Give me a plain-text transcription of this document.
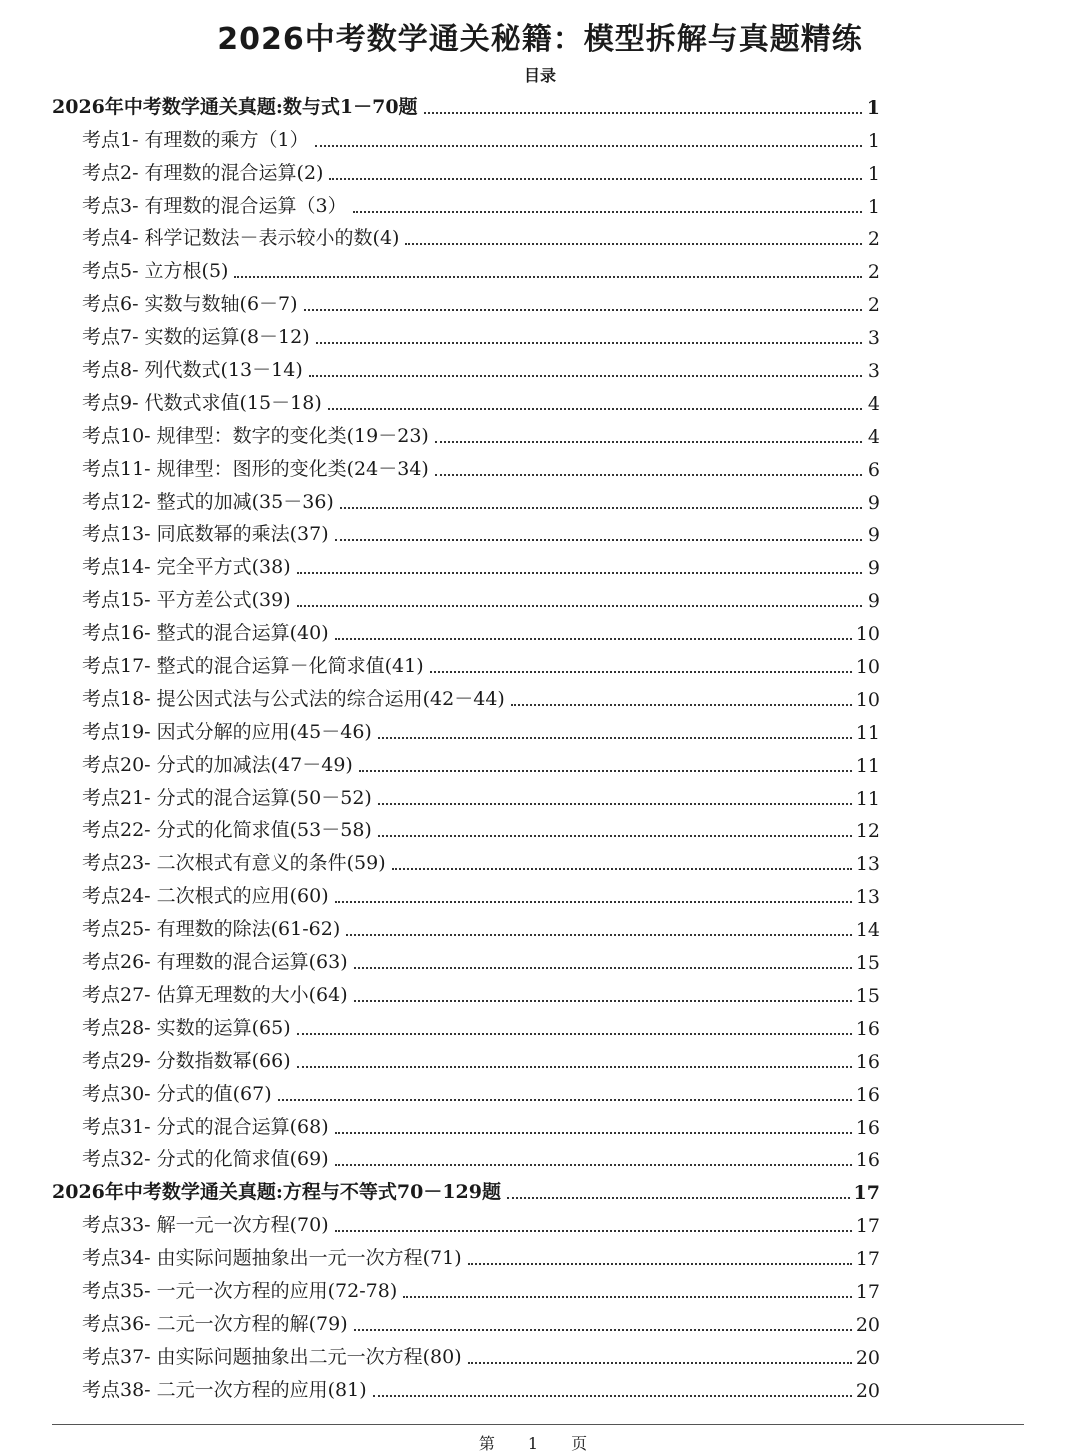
2026中考数学通关秘籍：模型拆解与真题精练
目录
2026年中考数学通关真题:数与式1－70题	1
考点1- 有理数的乘方（1）	1
考点2- 有理数的混合运算(2)	1
考点3- 有理数的混合运算（3）	1
考点4- 科学记数法－表示较小的数(4)	2
考点5- 立方根(5)	2
考点6- 实数与数轴(6－7)	2
考点7- 实数的运算(8－12)	3
考点8- 列代数式(13－14)	3
考点9- 代数式求值(15－18)	4
考点10- 规律型：数字的变化类(19－23)	4
考点11- 规律型：图形的变化类(24－34)	6
考点12- 整式的加减(35－36)	9
考点13- 同底数幂的乘法(37)	9
考点14- 完全平方式(38)	9
考点15- 平方差公式(39)	9
考点16- 整式的混合运算(40)	10
考点17- 整式的混合运算－化简求值(41)	10
考点18- 提公因式法与公式法的综合运用(42－44)	10
考点19- 因式分解的应用(45－46)	11
考点20- 分式的加减法(47－49)	11
考点21- 分式的混合运算(50－52)	11
考点22- 分式的化简求值(53－58)	12
考点23- 二次根式有意义的条件(59)	13
考点24- 二次根式的应用(60)	13
考点25- 有理数的除法(61-62)	14
考点26- 有理数的混合运算(63)	15
考点27- 估算无理数的大小(64)	15
考点28- 实数的运算(65)	16
考点29- 分数指数幂(66)	16
考点30- 分式的值(67)	16
考点31- 分式的混合运算(68)	16
考点32- 分式的化简求值(69)	16
2026年中考数学通关真题:方程与不等式70－129题	17
考点33- 解一元一次方程(70)	17
考点34- 由实际问题抽象出一元一次方程(71)	17
考点35- 一元一次方程的应用(72-78)	17
考点36- 二元一次方程的解(79)	20
考点37- 由实际问题抽象出二元一次方程(80)	20
考点38- 二元一次方程的应用(81)	20
第 1 页
